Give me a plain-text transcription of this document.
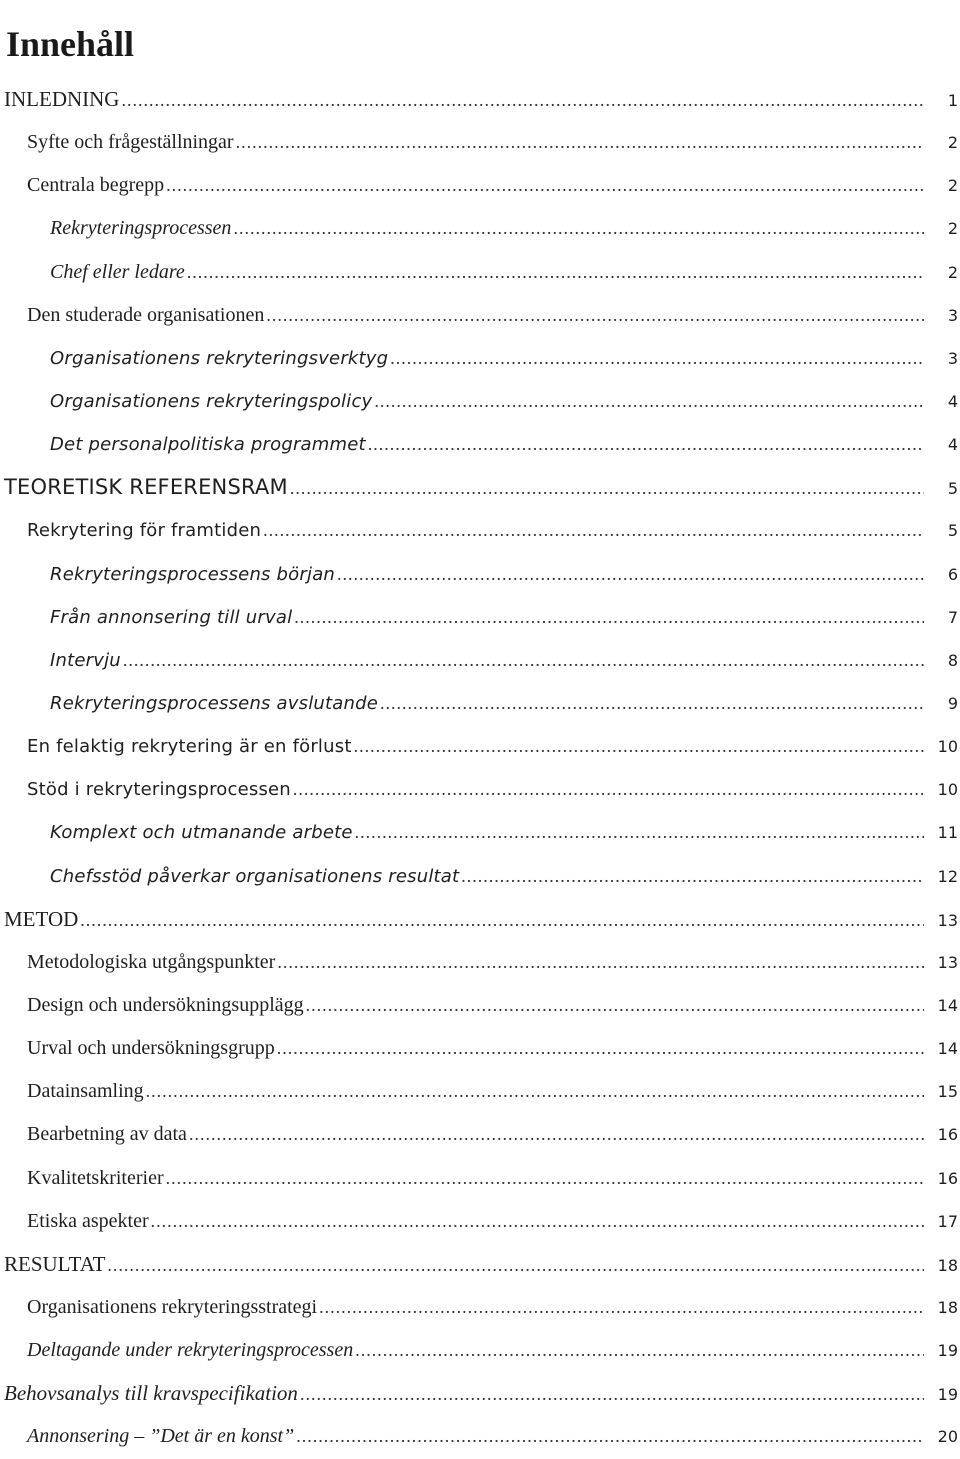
Innehåll
INLEDNING .....	1
Syfte och frågeställningar .....	2
Centrala begrepp .....	2
Rekryteringsprocessen .....	2
Chef eller ledare .....	2
Den studerade organisationen .....	3
Organisationens rekryteringsverktyg .....	3
Organisationens rekryteringspolicy .....	4
Det personalpolitiska programmet .....	4
TEORETISK REFERENSRAM .....	5
Rekrytering för framtiden .....	5
Rekryteringsprocessens början .....	6
Från annonsering till urval .....	7
Intervju .....	8
Rekryteringsprocessens avslutande .....	9
En felaktig rekrytering är en förlust .....	10
Stöd i rekryteringsprocessen .....	10
Komplext och utmanande arbete .....	11
Chefsstöd påverkar organisationens resultat .....	12
METOD .....	13
Metodologiska utgångspunkter .....	13
Design och undersökningsupplägg .....	14
Urval och undersökningsgrupp .....	14
Datainsamling .....	15
Bearbetning av data .....	16
Kvalitetskriterier .....	16
Etiska aspekter .....	17
RESULTAT .....	18
Organisationens rekryteringsstrategi .....	18
Deltagande under rekryteringsprocessen .....	19
Behovsanalys till kravspecifikation .....	19
Annonsering – ”Det är en konst” .....	20
